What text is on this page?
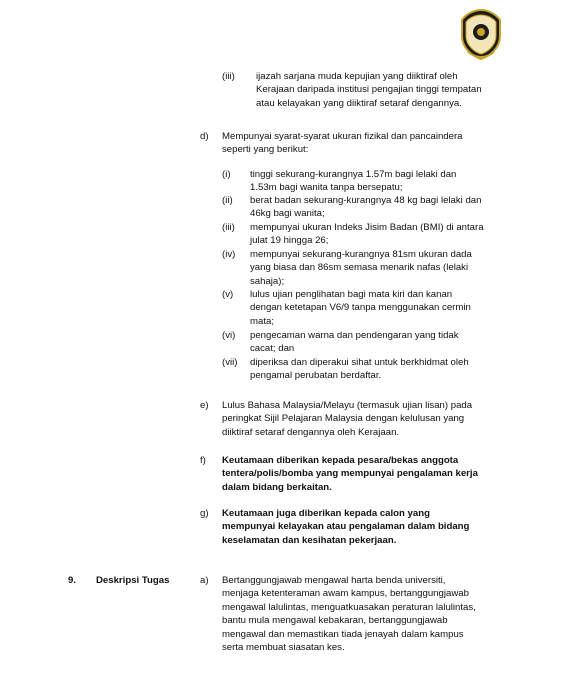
(iii) ijazah sarjana muda kepujian yang diiktiraf oleh
Kerajaan daripada institusi pengajian tinggi tempatan
atau kelayakan yang diiktiraf setaraf dengannya.
d) Mempunyai syarat-syarat ukuran fizikal dan pancaindera
seperti yang berikut:
(i) tinggi sekurang-kurangnya 1.57m bagi lelaki dan
1.53m bagi wanita tanpa bersepatu;
(ii) berat badan sekurang-kurangnya 48 kg bagi lelaki dan
46kg bagi wanita;
(iii) mempunyai ukuran Indeks Jisim Badan (BMI) di antara
julat 19 hingga 26;
(iv) mempunyai sekurang-kurangnya 81sm ukuran dada
yang biasa dan 86sm semasa menarik nafas (lelaki
sahaja);
(v) lulus ujian penglihatan bagi mata kiri dan kanan
dengan ketetapan V6/9 tanpa menggunakan cermin
mata;
(vi) pengecaman warna dan pendengaran yang tidak
cacat; dan
(vii) diperiksa dan diperakui sihat untuk berkhidmat oleh
pengamal perubatan berdaftar.
e) Lulus Bahasa Malaysia/Melayu (termasuk ujian lisan) pada
peringkat Sijil Pelajaran Malaysia dengan kelulusan yang
diiktiraf setaraf dengannya oleh Kerajaan.
f) Keutamaan diberikan kepada pesara/bekas anggota
tentera/polis/bomba yang mempunyai pengalaman kerja
dalam bidang berkaitan.
g) Keutamaan juga diberikan kepada calon yang
mempunyai kelayakan atau pengalaman dalam bidang
keselamatan dan kesihatan pekerjaan.
9. Deskripsi Tugas	a) Bertanggungjawab mengawal harta benda universiti,
menjaga ketenteraman awam kampus, bertanggungjawab
mengawal lalulintas, menguatkuasakan peraturan lalulintas,
bantu mula mengawal kebakaran, bertanggungjawab
mengawal dan memastikan tiada jenayah dalam kampus
serta membuat siasatan kes.
